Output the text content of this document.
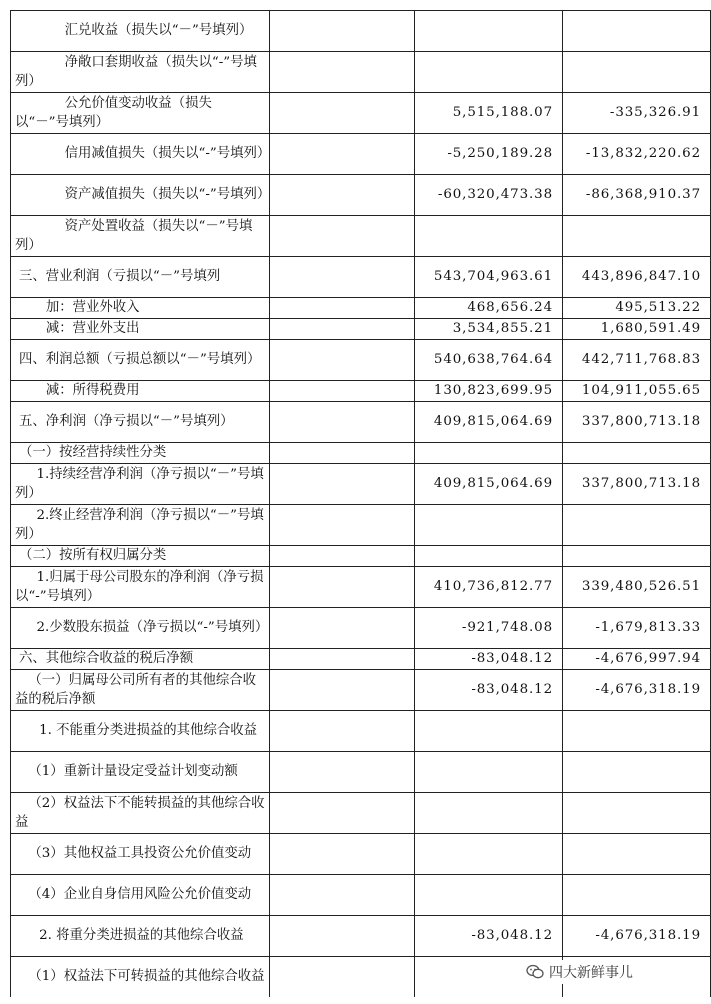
汇兑收益（损失以“－”号填列）			
净敞口套期收益（损失以“-”号填列）			
公允价值变动收益（损失以“－”号填列）		5,515,188.07	-335,326.91
信用减值损失（损失以“-”号填列）		-5,250,189.28	-13,832,220.62
资产减值损失（损失以“-”号填列）		-60,320,473.38	-86,368,910.37
资产处置收益（损失以“－”号填列）			
三、营业利润（亏损以“－”号填列		543,704,963.61	443,896,847.10
加：营业外收入		468,656.24	495,513.22
减：营业外支出		3,534,855.21	1,680,591.49
四、利润总额（亏损总额以“－”号填列）		540,638,764.64	442,711,768.83
减：所得税费用		130,823,699.95	104,911,055.65
五、净利润（净亏损以“－”号填列）		409,815,064.69	337,800,713.18
（一）按经营持续性分类			
1.持续经营净利润（净亏损以“－”号填列）		409,815,064.69	337,800,713.18
2.终止经营净利润（净亏损以“－”号填列）			
（二）按所有权归属分类			
1.归属于母公司股东的净利润（净亏损以“-”号填列）		410,736,812.77	339,480,526.51
2.少数股东损益（净亏损以“-”号填列）		-921,748.08	-1,679,813.33
六、其他综合收益的税后净额		-83,048.12	-4,676,997.94
（一）归属母公司所有者的其他综合收益的税后净额		-83,048.12	-4,676,318.19
1. 不能重分类进损益的其他综合收益			
（1）重新计量设定受益计划变动额			
（2）权益法下不能转损益的其他综合收益			
（3）其他权益工具投资公允价值变动			
（4）企业自身信用风险公允价值变动			
2. 将重分类进损益的其他综合收益		-83,048.12	-4,676,318.19
（1）权益法下可转损益的其他综合收益				四大新鲜事儿
